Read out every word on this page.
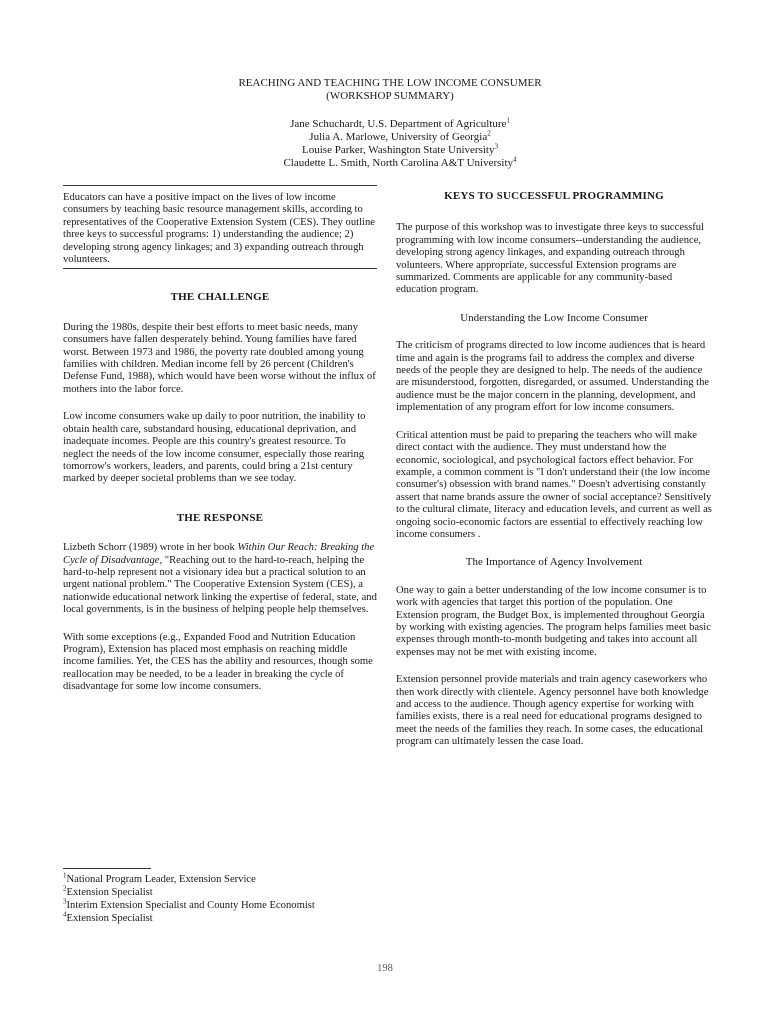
REACHING AND TEACHING THE LOW INCOME CONSUMER
(WORKSHOP SUMMARY)
Jane Schuchardt, U.S. Department of Agriculture$^1$
Julia A. Marlowe, University of Georgia$^2$
Louise Parker, Washington State University$^3$
Claudette L. Smith, North Carolina A&T University$^4$
Educators can have a positive impact on the lives of low income consumers by teaching basic resource management skills, according to representatives of the Cooperative Extension System (CES). They outline three keys to successful programs: 1) understanding the audience; 2) developing strong agency linkages; and 3) expanding outreach through volunteers.
THE CHALLENGE

During the 1980s, despite their best efforts to meet basic needs, many consumers have fallen desperately behind. Young families have fared worst. Between 1973 and 1986, the poverty rate doubled among young families with children. Median income fell by 26 percent (Children's Defense Fund, 1988), which would have been worse without the influx of mothers into the labor force.

Low income consumers wake up daily to poor nutrition, the inability to obtain health care, substandard housing, educational deprivation, and inadequate incomes. People are this country's greatest resource. To neglect the needs of the low income consumer, especially those rearing tomorrow's workers, leaders, and parents, could bring a 21st century marked by deeper societal problems than we see today.

THE RESPONSE

Lizbeth Schorr (1989) wrote in her book Within Our Reach: Breaking the Cycle of Disadvantage, "Reaching out to the hard-to-reach, helping the hard-to-help represent not a visionary idea but a practical solution to an urgent national problem." The Cooperative Extension System (CES), a nationwide educational network linking the expertise of federal, state, and local governments, is in the business of helping people help themselves.

With some exceptions (e.g., Expanded Food and Nutrition Education Program), Extension has placed most emphasis on reaching middle income families. Yet, the CES has the ability and resources, though some reallocation may be needed, to be a leader in breaking the cycle of disadvantage for some low income consumers.

KEYS TO SUCCESSFUL PROGRAMMING

The purpose of this workshop was to investigate three keys to successful programming with low income consumers--understanding the audience, developing strong agency linkages, and expanding outreach through volunteers. Where appropriate, successful Extension programs are summarized. Comments are applicable for any community-based education program.

Understanding the Low Income Consumer

The criticism of programs directed to low income audiences that is heard time and again is the programs fail to address the complex and diverse needs of the people they are designed to help. The needs of the audience are misunderstood, forgotten, disregarded, or assumed. Understanding the audience must be the major concern in the planning, development, and implementation of any program effort for low income consumers.

Critical attention must be paid to preparing the teachers who will make direct contact with the audience. They must understand how the economic, sociological, and psychological factors effect behavior. For example, a common comment is "I don't understand their (the low income consumer's) obsession with brand names." Doesn't advertising constantly assert that name brands assure the owner of social acceptance? Sensitively to the cultural climate, literacy and education levels, and current as well as ongoing socio-economic factors are essential to effectively reaching low income consumers .

The Importance of Agency Involvement

One way to gain a better understanding of the low income consumer is to work with agencies that target this portion of the population. One Extension program, the Budget Box, is implemented throughout Georgia by working with existing agencies. The program helps families meet basic expenses through month-to-month budgeting and takes into account all expenses may not be met with existing income.

Extension personnel provide materials and train agency caseworkers who then work directly with clientele. Agency personnel have both knowledge and access to the audience. Though agency expertise for working with families exists, there is a real need for educational programs designed to meet the needs of the families they reach. In some cases, the educational program can ultimately lessen the case load.

$^1$National Program Leader, Extension Service
$^2$Extension Specialist
$^3$Interim Extension Specialist and County Home Economist
$^4$Extension Specialist
198
